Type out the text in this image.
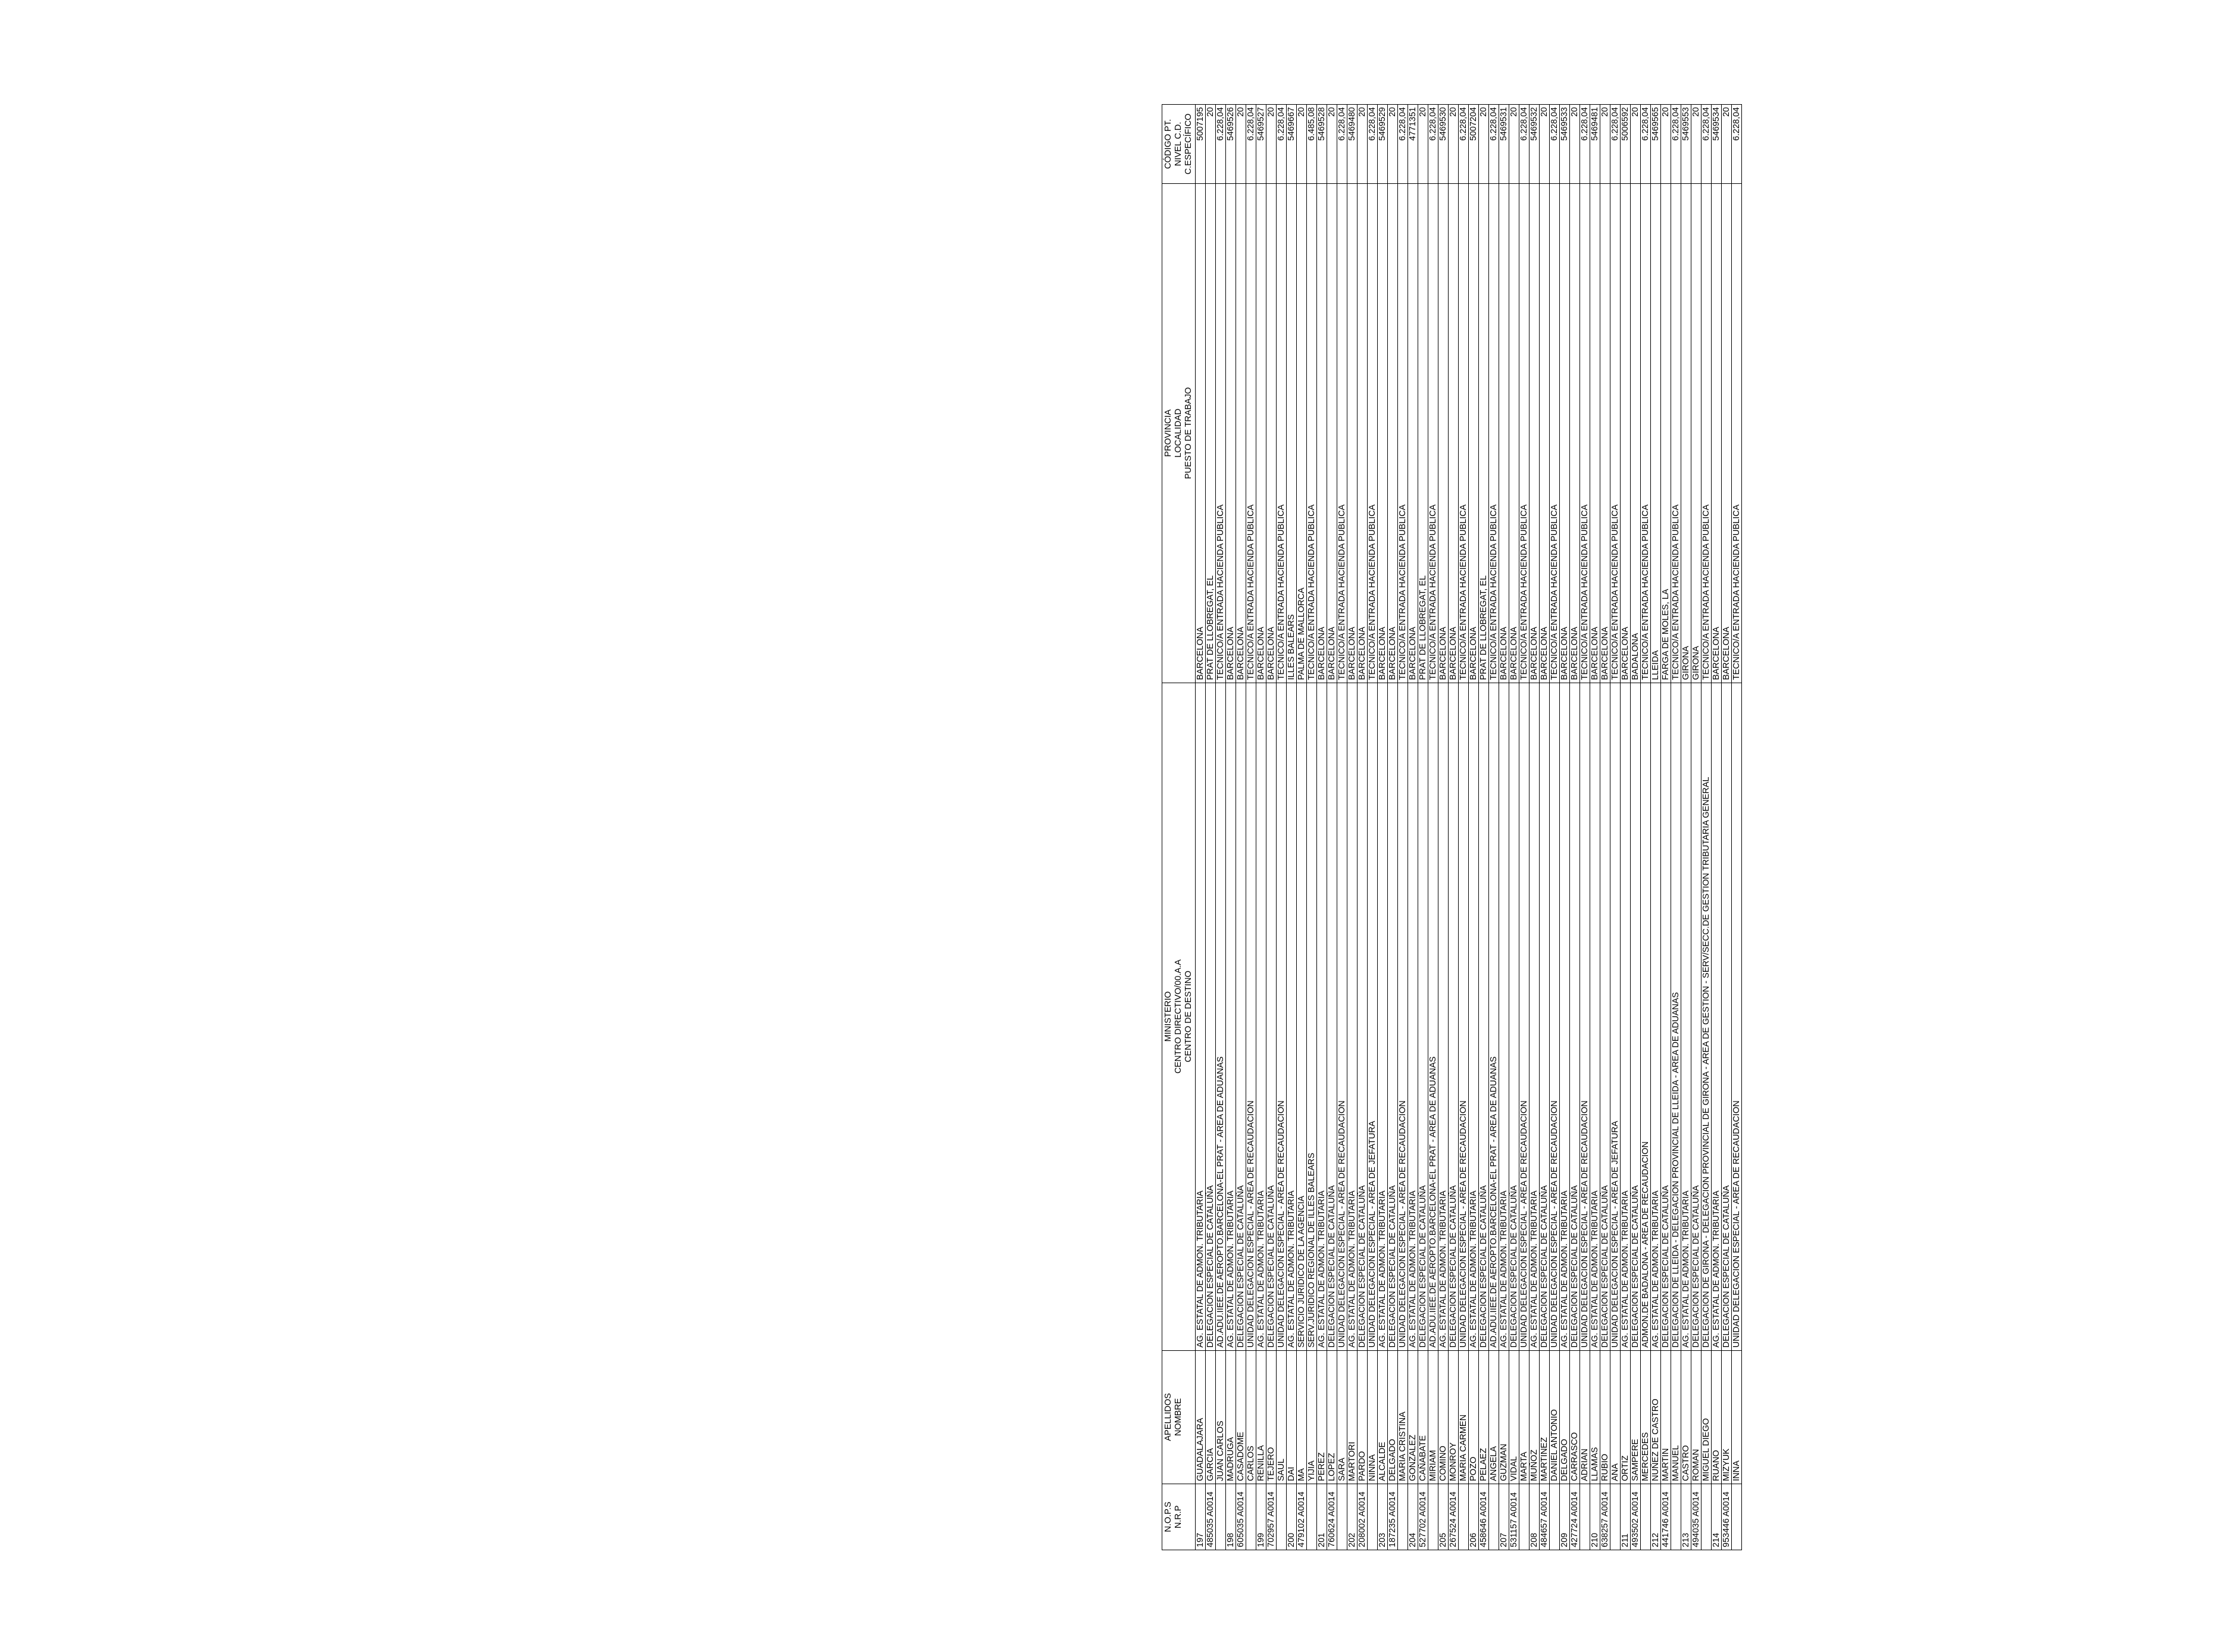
N.O.P.S N.R.P	APELLIDOS NOMBRE	MINISTERIO CENTRO DIRECTIVO/00.A.A CENTRO DE DESTINO	PROVINCIA LOCALIDAD PUESTO DE TRABAJO	CÓDIGO PT. NIVEL C.D. C.ESPECÍFICO

197	GUADALAJARA	AG. ESTATAL DE ADMON. TRIBUTARIA	BARCELONA	5007195
485035 A0014	GARCIA	DELEGACION ESPECIAL DE CATALUÑA	PRAT DE LLOBREGAT, EL	20
	JUAN CARLOS	AD.ADU.IIEE.DE AEROPTO.BARCELONA-EL PRAT - AREA DE ADUANAS	TECNICO/A ENTRADA HACIENDA PUBLICA	6.228,04
198	MADRUGA	AG. ESTATAL DE ADMON. TRIBUTARIA	BARCELONA	5469526
605035 A0014	CASADOME	DELEGACION ESPECIAL DE CATALUÑA	BARCELONA	20
	CARLOS	UNIDAD DELEGACION ESPECIAL - AREA DE RECAUDACION	TECNICO/A ENTRADA HACIENDA PUBLICA	6.228,04
199	RENILLA	AG. ESTATAL DE ADMON. TRIBUTARIA	BARCELONA	5469527
702957 A0014	TEJERO	DELEGACION ESPECIAL DE CATALUÑA	BARCELONA	20
	SAUL	UNIDAD DELEGACION ESPECIAL - AREA DE RECAUDACION	TECNICO/A ENTRADA HACIENDA PUBLICA	6.228,04
200	DAI	AG. ESTATAL DE ADMON. TRIBUTARIA	ILLES BALEARS	5469667
479102 A0014	MA	SERVICIO JURIDICO DE LA AGENCIA	PALMA DE MALLORCA	20
	YIJIA	SERV.JURIDICO REGIONAL DE ILLES BALEARS	TECNICO/A ENTRADA HACIENDA PUBLICA	6.485,08
201	PEREZ	AG. ESTATAL DE ADMON. TRIBUTARIA	BARCELONA	5469528
760624 A0014	LOPEZ	DELEGACION ESPECIAL DE CATALUÑA	BARCELONA	20
	SARA	UNIDAD DELEGACION ESPECIAL - AREA DE RECAUDACION	TECNICO/A ENTRADA HACIENDA PUBLICA	6.228,04
202	MARTORI	AG. ESTATAL DE ADMON. TRIBUTARIA	BARCELONA	5469480
208002 A0014	PARDO	DELEGACION ESPECIAL DE CATALUÑA	BARCELONA	20
	NINNA	UNIDAD DELEGACION ESPECIAL - AREA DE JEFATURA	TECNICO/A ENTRADA HACIENDA PUBLICA	6.228,04
203	ALCALDE	AG. ESTATAL DE ADMON. TRIBUTARIA	BARCELONA	5469529
187235 A0014	DELGADO	DELEGACION ESPECIAL DE CATALUÑA	BARCELONA	20
	MARIA CRISTINA	UNIDAD DELEGACION ESPECIAL - AREA DE RECAUDACION	TECNICO/A ENTRADA HACIENDA PUBLICA	6.228,04
204	GONZALEZ	AG. ESTATAL DE ADMON. TRIBUTARIA	BARCELONA	4771351
527702 A0014	CAÑABATE	DELEGACION ESPECIAL DE CATALUÑA	PRAT DE LLOBREGAT, EL	20
	MIRIAM	AD.ADU.IIEE.DE AEROPTO.BARCELONA-EL PRAT - AREA DE ADUANAS	TECNICO/A ENTRADA HACIENDA PUBLICA	6.228,04
205	COMINO	AG. ESTATAL DE ADMON. TRIBUTARIA	BARCELONA	5469530
267524 A0014	MONROY	DELEGACION ESPECIAL DE CATALUÑA	BARCELONA	20
	MARIA CARMEN	UNIDAD DELEGACION ESPECIAL - AREA DE RECAUDACION	TECNICO/A ENTRADA HACIENDA PUBLICA	6.228,04
206	POZO	AG. ESTATAL DE ADMON. TRIBUTARIA	BARCELONA	5007204
458646 A0014	PELAEZ	DELEGACION ESPECIAL DE CATALUÑA	PRAT DE LLOBREGAT, EL	20
	ANGELA	AD.ADU.IIEE.DE AEROPTO.BARCELONA-EL PRAT - AREA DE ADUANAS	TECNICO/A ENTRADA HACIENDA PUBLICA	6.228,04
207	GUZMAN	AG. ESTATAL DE ADMON. TRIBUTARIA	BARCELONA	5469531
531157 A0014	VIDAL	DELEGACION ESPECIAL DE CATALUÑA	BARCELONA	20
	MARTA	UNIDAD DELEGACION ESPECIAL - AREA DE RECAUDACION	TECNICO/A ENTRADA HACIENDA PUBLICA	6.228,04
208	MUÑOZ	AG. ESTATAL DE ADMON. TRIBUTARIA	BARCELONA	5469532
484657 A0014	MARTINEZ	DELEGACION ESPECIAL DE CATALUÑA	BARCELONA	20
	DANIEL ANTONIO	UNIDAD DELEGACION ESPECIAL - AREA DE RECAUDACION	TECNICO/A ENTRADA HACIENDA PUBLICA	6.228,04
209	DELGADO	AG. ESTATAL DE ADMON. TRIBUTARIA	BARCELONA	5469533
427724 A0014	CARRASCO	DELEGACION ESPECIAL DE CATALUÑA	BARCELONA	20
	ADRIAN	UNIDAD DELEGACION ESPECIAL - AREA DE RECAUDACION	TECNICO/A ENTRADA HACIENDA PUBLICA	6.228,04
210	LLAMAS	AG. ESTATAL DE ADMON. TRIBUTARIA	BARCELONA	5469481
638257 A0014	RUBIO	DELEGACION ESPECIAL DE CATALUÑA	BARCELONA	20
	ANA	UNIDAD DELEGACION ESPECIAL - AREA DE JEFATURA	TECNICO/A ENTRADA HACIENDA PUBLICA	6.228,04
211	ORTIZ	AG. ESTATAL DE ADMON. TRIBUTARIA	BARCELONA	5006592
493502 A0014	SAMPERE	DELEGACION ESPECIAL DE CATALUÑA	BADALONA	20
	MERCEDES	ADMON.DE BADALONA - AREA DE RECAUDACION	TECNICO/A ENTRADA HACIENDA PUBLICA	6.228,04
212	NUÑEZ DE CASTRO	AG. ESTATAL DE ADMON. TRIBUTARIA	LLEIDA	5469565
441746 A0014	MARTIN	DELEGACION ESPECIAL DE CATALUÑA	FARGA DE MOLES, LA	20
	MANUEL	DELEGACION DE LLEIDA - DELEGACION PROVINCIAL DE LLEIDA - AREA DE ADUANAS	TECNICO/A ENTRADA HACIENDA PUBLICA	6.228,04
213	CASTRO	AG. ESTATAL DE ADMON. TRIBUTARIA	GIRONA	5469553
494035 A0014	ROMAN	DELEGACION ESPECIAL DE CATALUÑA	GIRONA	20
	MIGUEL DIEGO	DELEGACION DE GIRONA - DELEGACION PROVINCIAL DE GIRONA - AREA DE GESTION - SERV/SECC.DE GESTION TRIBUTARIA GENERAL	TECNICO/A ENTRADA HACIENDA PUBLICA	6.228,04
214	RUANO	AG. ESTATAL DE ADMON. TRIBUTARIA	BARCELONA	5469534
953446 A0014	MIZYUK	DELEGACION ESPECIAL DE CATALUÑA	BARCELONA	20
	INNA	UNIDAD DELEGACION ESPECIAL - AREA DE RECAUDACION	TECNICO/A ENTRADA HACIENDA PUBLICA	6.228,04
